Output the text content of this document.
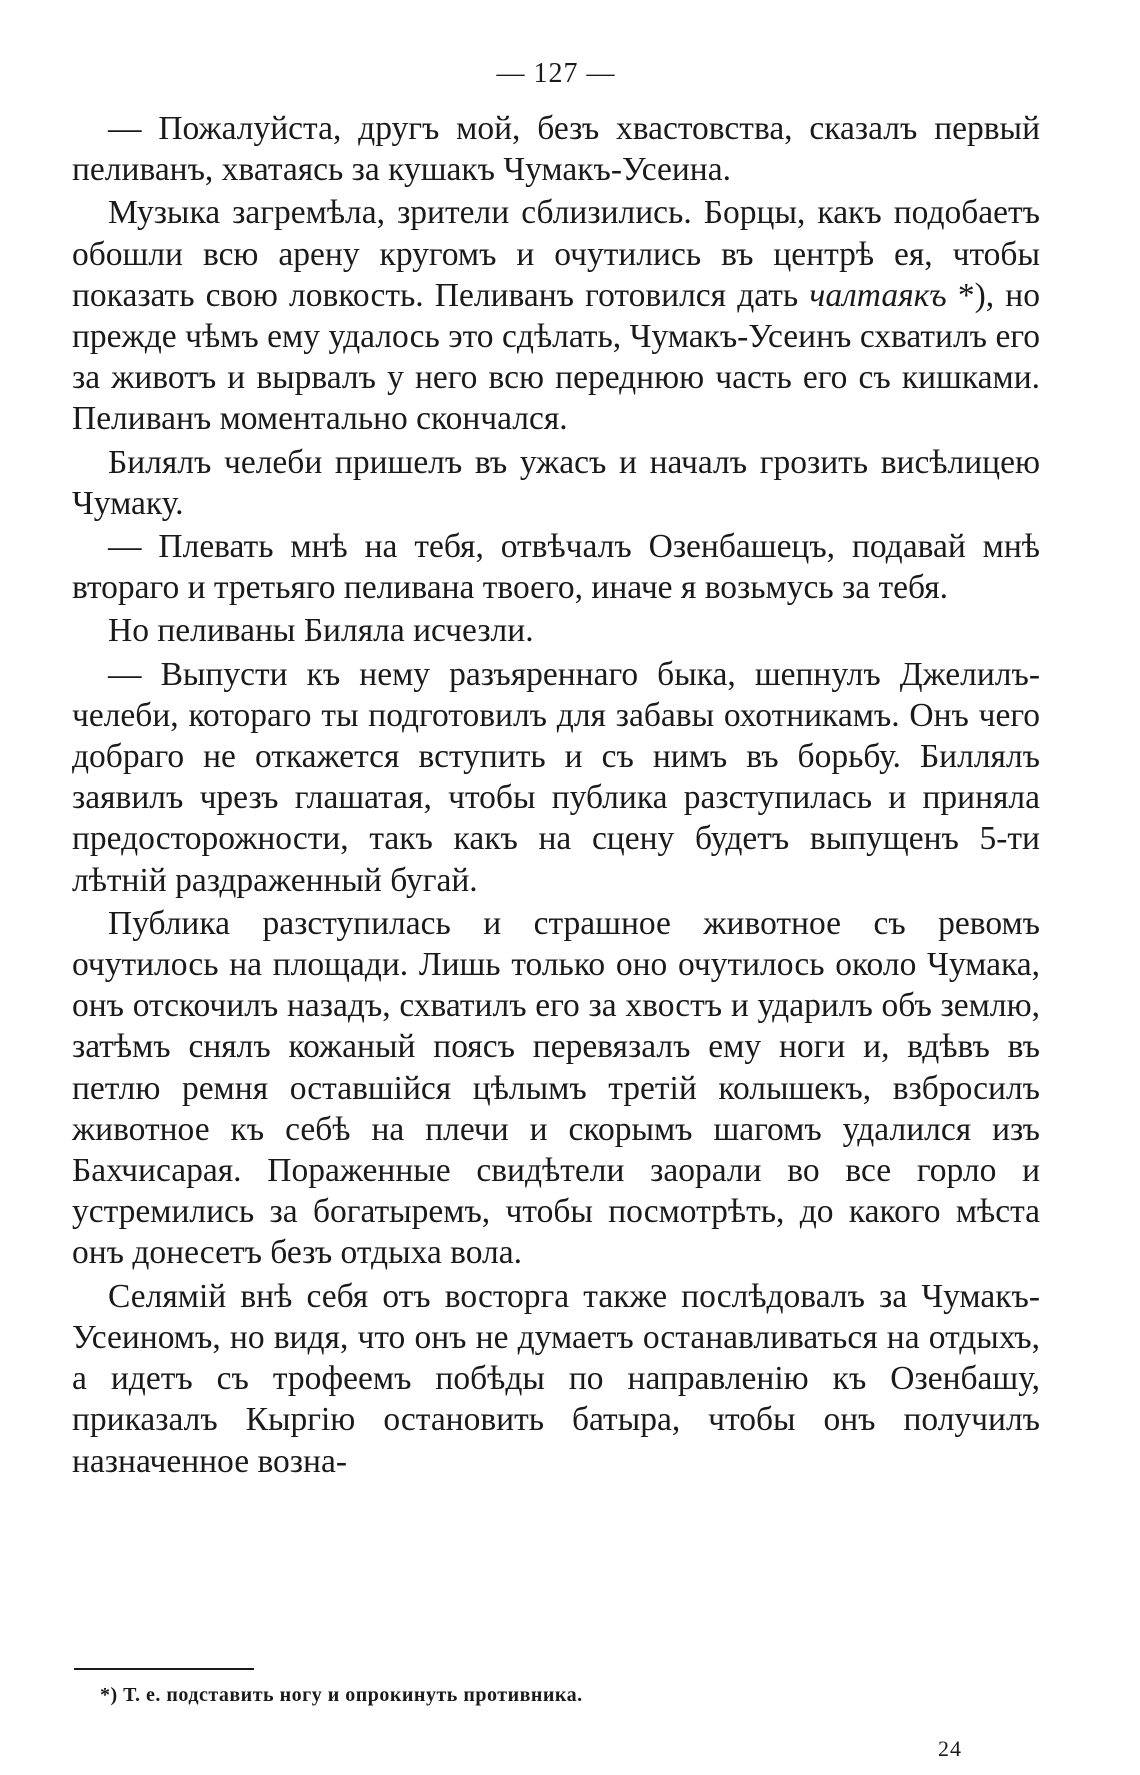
— 127 —

— Пожалуйста, другъ мой, безъ хвастовства, сказалъ первый пеливанъ, хватаясь за кушакъ Чумакъ-Усеина.

Музыка загремѣла, зрители сблизились. Борцы, какъ подобаетъ обошли всю арену кругомъ и очутились въ центрѣ ея, чтобы показать свою ловкость. Пеливанъ готовился дать чалтаякъ *), но прежде чѣмъ ему удалось это сдѣлать, Чумакъ-Усеинъ схватилъ его за животъ и вырвалъ у него всю переднюю часть его съ кишками. Пеливанъ моментально скончался.

Билялъ челеби пришелъ въ ужасъ и началъ грозить висѣлицею Чумаку.

— Плевать мнѣ на тебя, отвѣчалъ Озенбашецъ, подавай мнѣ втораго и третьяго пеливана твоего, иначе я возьмусь за тебя.

Но пеливаны Биляла исчезли.

— Выпусти къ нему разъяреннаго быка, шепнулъ Джелилъ-челеби, котораго ты подготовилъ для забавы охотникамъ. Онъ чего добраго не откажется вступить и съ нимъ въ борьбу. Биллялъ заявилъ чрезъ глашатая, чтобы публика разступилась и приняла предосторожности, такъ какъ на сцену будетъ выпущенъ 5-ти лѣтній раздраженный бугай.

Публика разступилась и страшное животное съ ревомъ очутилось на площади. Лишь только оно очутилось около Чумака, онъ отскочилъ назадъ, схватилъ его за хвостъ и ударилъ объ землю, затѣмъ снялъ кожаный поясъ перевязалъ ему ноги и, вдѣвъ въ петлю ремня оставшійся цѣлымъ третій колышекъ, взбросилъ животное къ себѣ на плечи и скорымъ шагомъ удалился изъ Бахчисарая. Пораженные свидѣтели заорали во все горло и устремились за богатыремъ, чтобы посмотрѣть, до какого мѣста онъ донесетъ безъ отдыха вола.

Селямій внѣ себя отъ восторга также послѣдовалъ за Чумакъ-Усеиномъ, но видя, что онъ не думаетъ останавливаться на отдыхъ, а идетъ съ трофеемъ побѣды по направленію къ Озенбашу, приказалъ Кыргію остановить батыра, чтобы онъ получилъ назначенное возна-

*) Т. е. подставить ногу и опрокинуть противника.
24
